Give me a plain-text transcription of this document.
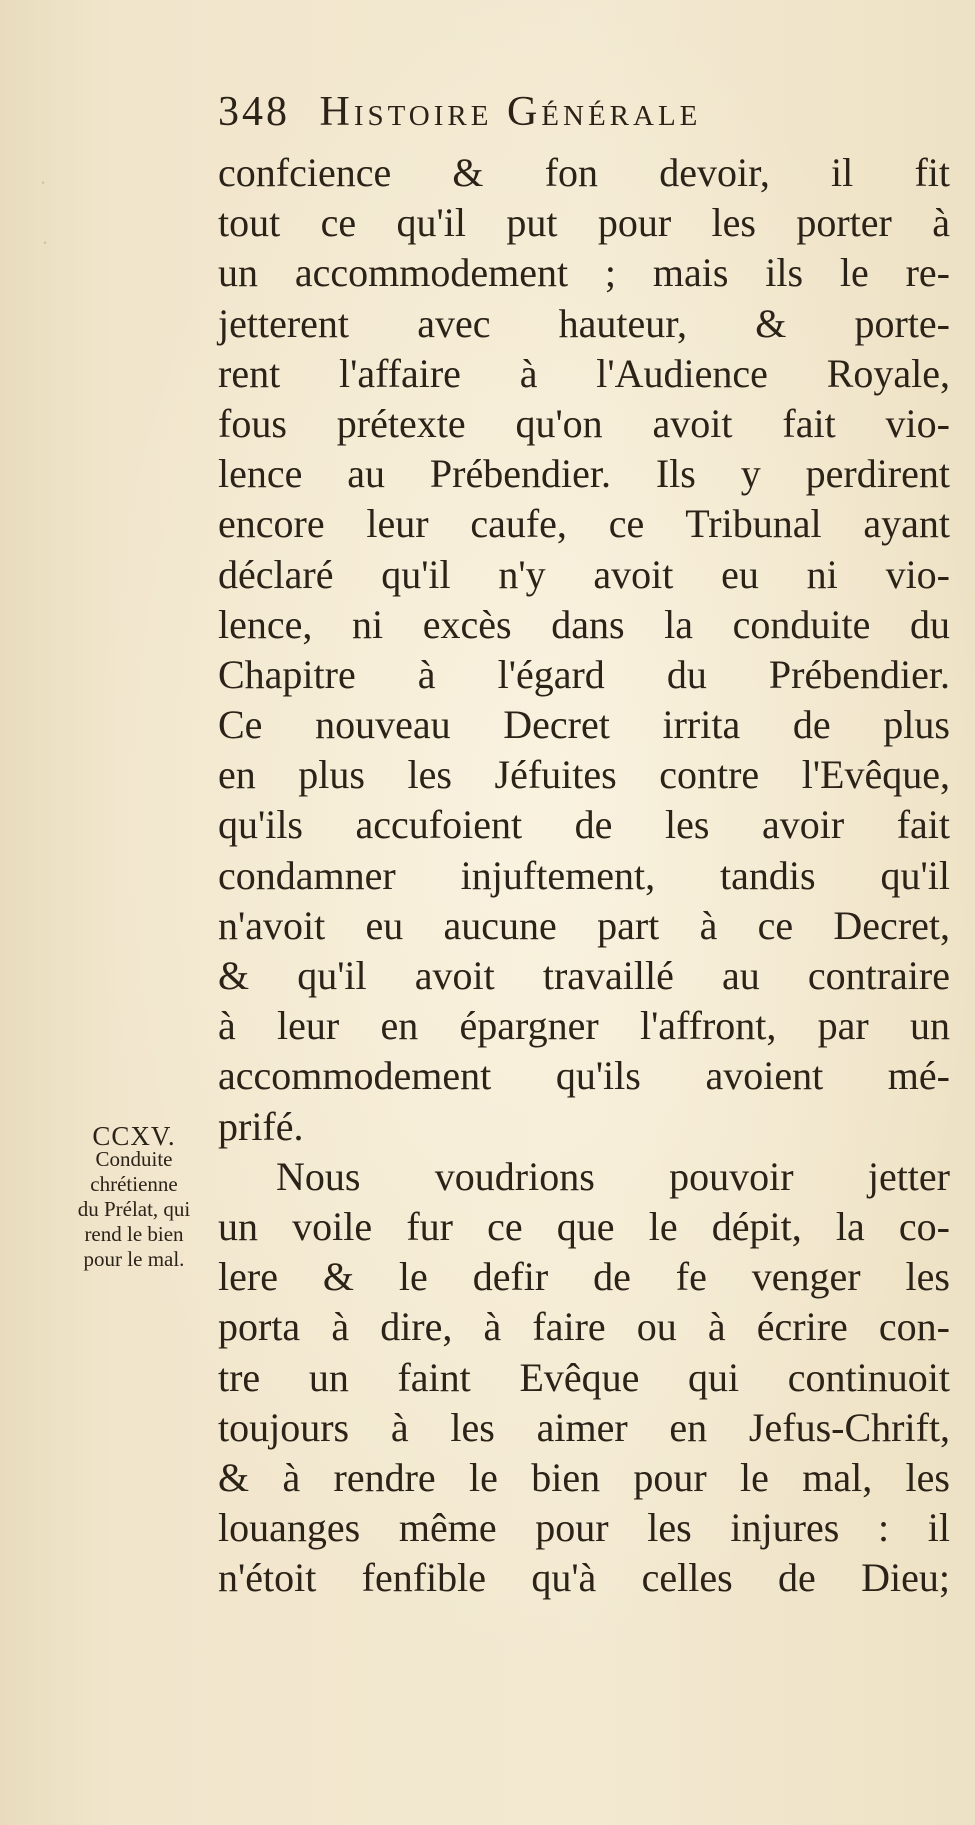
·
·
348 Histoire Générale
confcience & fon devoir, il fit
tout ce qu'il put pour les porter à
un accommodement ; mais ils le re-
jetterent avec hauteur, & porte-
rent l'affaire à l'Audience Royale,
fous prétexte qu'on avoit fait vio-
lence au Prébendier. Ils y perdirent
encore leur caufe, ce Tribunal ayant
déclaré qu'il n'y avoit eu ni vio-
lence, ni excès dans la conduite du
Chapitre à l'égard du Prébendier.
Ce nouveau Decret irrita de plus
en plus les Jéfuites contre l'Evêque,
qu'ils accufoient de les avoir fait
condamner injuftement, tandis qu'il
n'avoit eu aucune part à ce Decret,
& qu'il avoit travaillé au contraire
à leur en épargner l'affront, par un
accommodement qu'ils avoient mé-
prifé.
Nous voudrions pouvoir jetter
un voile fur ce que le dépit, la co-
lere & le defir de fe venger les
porta à dire, à faire ou à écrire con-
tre un faint Evêque qui continuoit
toujours à les aimer en Jefus-Chrift,
& à rendre le bien pour le mal, les
louanges même pour les injures : il
n'étoit fenfible qu'à celles de Dieu;
CCXV.
Conduite
chrétienne
du Prélat, qui
rend le bien
pour le mal.
